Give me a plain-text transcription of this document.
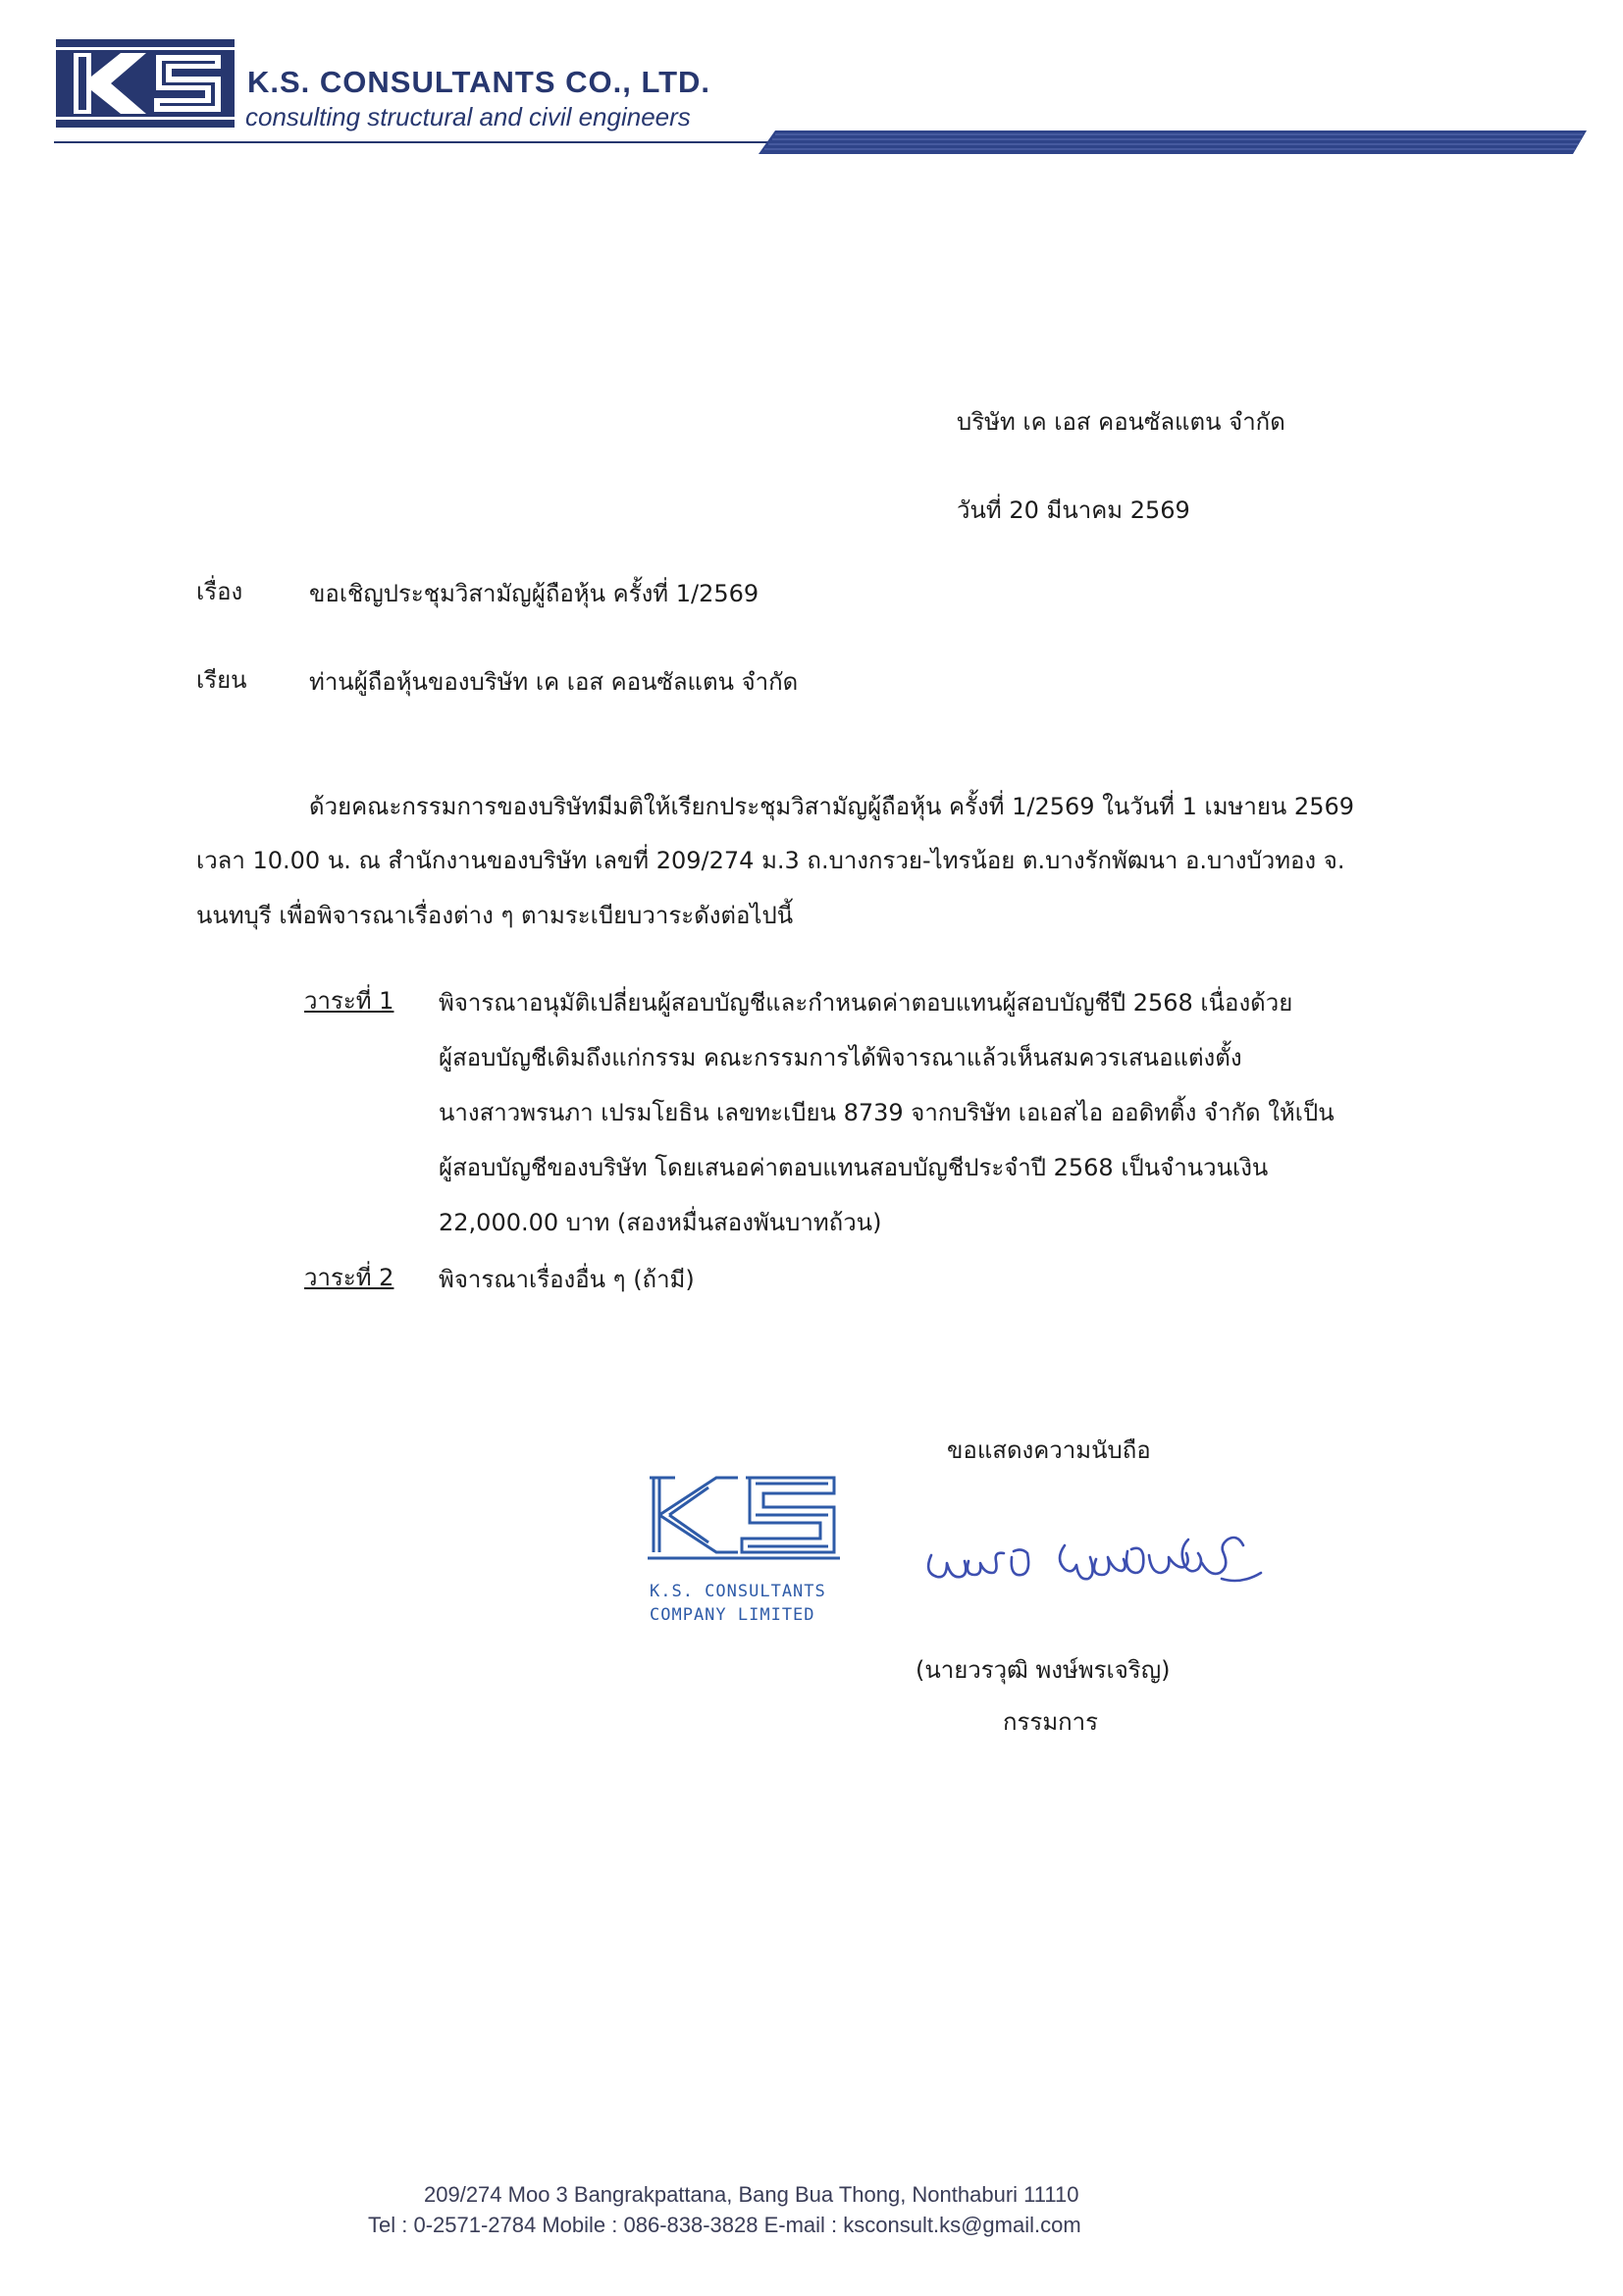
K.S. CONSULTANTS CO., LTD.
consulting structural and civil engineers
บริษัท เค เอส คอนซัลแตน จำกัด
วันที่ 20 มีนาคม 2569
เรื่อง	ขอเชิญประชุมวิสามัญผู้ถือหุ้น ครั้งที่ 1/2569
เรียน	ท่านผู้ถือหุ้นของบริษัท เค เอส คอนซัลแตน จำกัด
ด้วยคณะกรรมการของบริษัทมีมติให้เรียกประชุมวิสามัญผู้ถือหุ้น ครั้งที่ 1/2569 ในวันที่ 1 เมษายน 2569
เวลา 10.00 น. ณ สำนักงานของบริษัท เลขที่ 209/274 ม.3 ถ.บางกรวย-ไทรน้อย ต.บางรักพัฒนา อ.บางบัวทอง จ.
นนทบุรี เพื่อพิจารณาเรื่องต่าง ๆ ตามระเบียบวาระดังต่อไปนี้
วาระที่ 1 พิจารณาอนุมัติเปลี่ยนผู้สอบบัญชีและกำหนดค่าตอบแทนผู้สอบบัญชีปี 2568 เนื่องด้วย
ผู้สอบบัญชีเดิมถึงแก่กรรม คณะกรรมการได้พิจารณาแล้วเห็นสมควรเสนอแต่งตั้ง
นางสาวพรนภา เปรมโยธิน เลขทะเบียน 8739 จากบริษัท เอเอสไอ ออดิทติ้ง จำกัด ให้เป็น
ผู้สอบบัญชีของบริษัท โดยเสนอค่าตอบแทนสอบบัญชีประจำปี 2568 เป็นจำนวนเงิน
22,000.00 บาท (สองหมื่นสองพันบาทถ้วน)
วาระที่ 2 พิจารณาเรื่องอื่น ๆ (ถ้ามี)
ขอแสดงความนับถือ
K.S. CONSULTANTS
COMPANY LIMITED
(นายวรวุฒิ พงษ์พรเจริญ)
กรรมการ
209/274 Moo 3 Bangrakpattana, Bang Bua Thong, Nonthaburi 11110
Tel : 0-2571-2784 Mobile : 086-838-3828 E-mail : ksconsult.ks@gmail.com
